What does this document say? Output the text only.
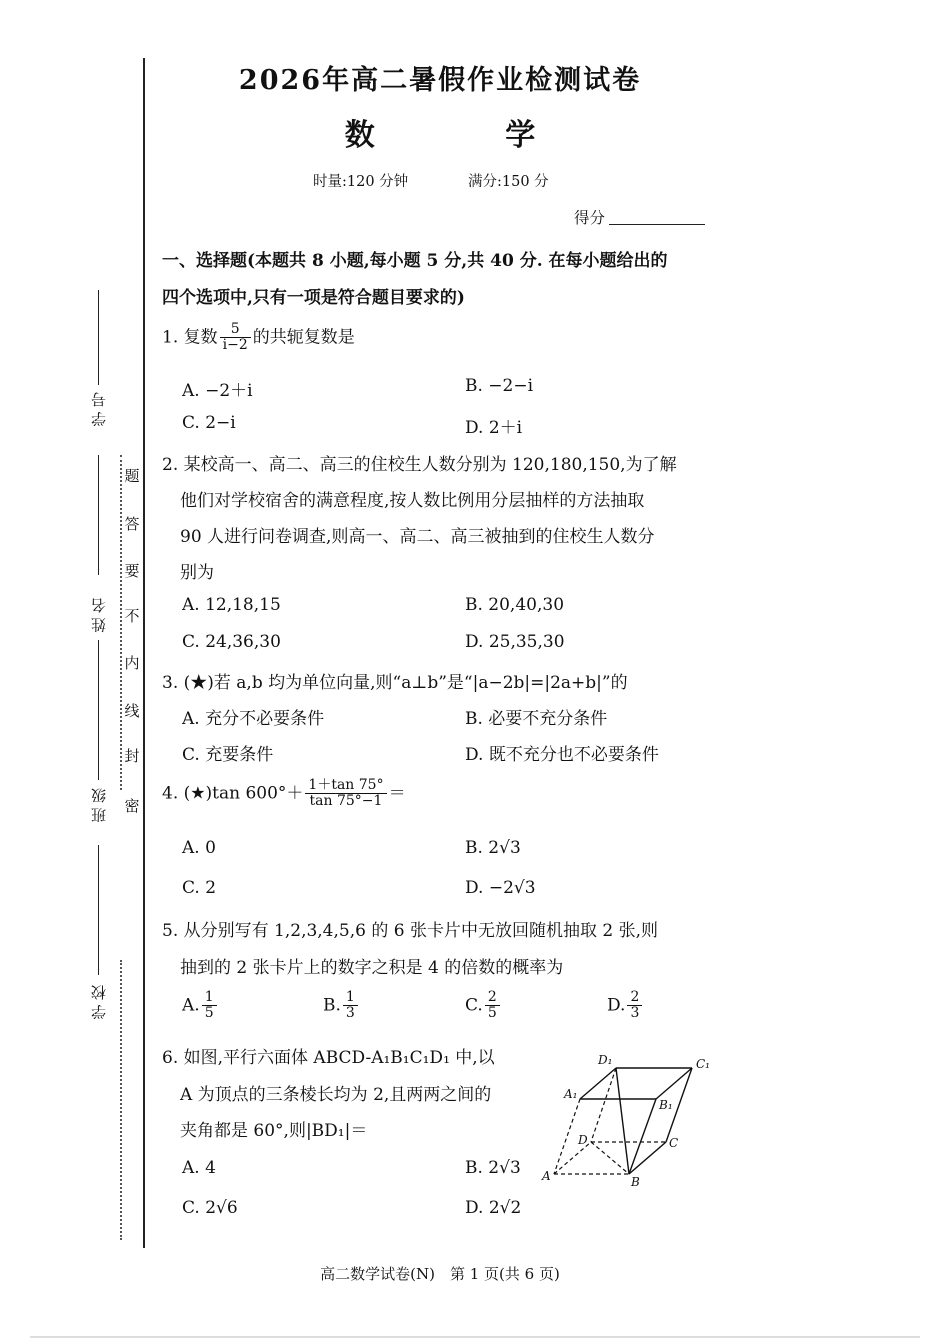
题
答
要
不
内
线
封
密
学 号
姓 名
班 级
学 校
2026年高二暑假作业检测试卷
数 学
时量:120 分钟	满分:150 分
得分
一、选择题(本题共 8 小题,每小题 5 分,共 40 分. 在每小题给出的
四个选项中,只有一项是符合题目要求的)
1. 复数 $\frac{5}{i-2}$ 的共轭复数是
A. −2＋i	B. −2−i
C. 2−i	D. 2＋i
2. 某校高一、高二、高三的住校生人数分别为 120,180,150,为了解
他们对学校宿舍的满意程度,按人数比例用分层抽样的方法抽取
90 人进行问卷调查,则高一、高二、高三被抽到的住校生人数分
别为
A. 12,18,15	B. 20,40,30
C. 24,36,30	D. 25,35,30
3. (★)若 a,b 均为单位向量,则“a⊥b”是“|a−2b|=|2a+b|”的
A. 充分不必要条件	B. 必要不充分条件
C. 充要条件	D. 既不充分也不必要条件
4. (★)tan $600^\circ+ \frac{1+\tan 75^\circ}{\tan 75^\circ-1}$ ＝
A. 0	B. 2√3
C. 2	D. −2√3
5. 从分别写有 1,2,3,4,5,6 的 6 张卡片中无放回随机抽取 2 张,则
抽到的 2 张卡片上的数字之积是 4 的倍数的概率为
A. $\frac{1}{5}$	B. $\frac{1}{3}$	C. $\frac{2}{5}$	D. $\frac{2}{3}$
6. 如图,平行六面体 ABCD-A₁B₁C₁D₁ 中,以
A 为顶点的三条棱长均为 2,且两两之间的
夹角都是 60°,则|BD₁|＝
A. 4	B. 2√3
C. 2√6	D. 2√2
A	B
C
D
A₁
B₁
C₁
D₁
高二数学试卷(N)　第 1 页(共 6 页)
